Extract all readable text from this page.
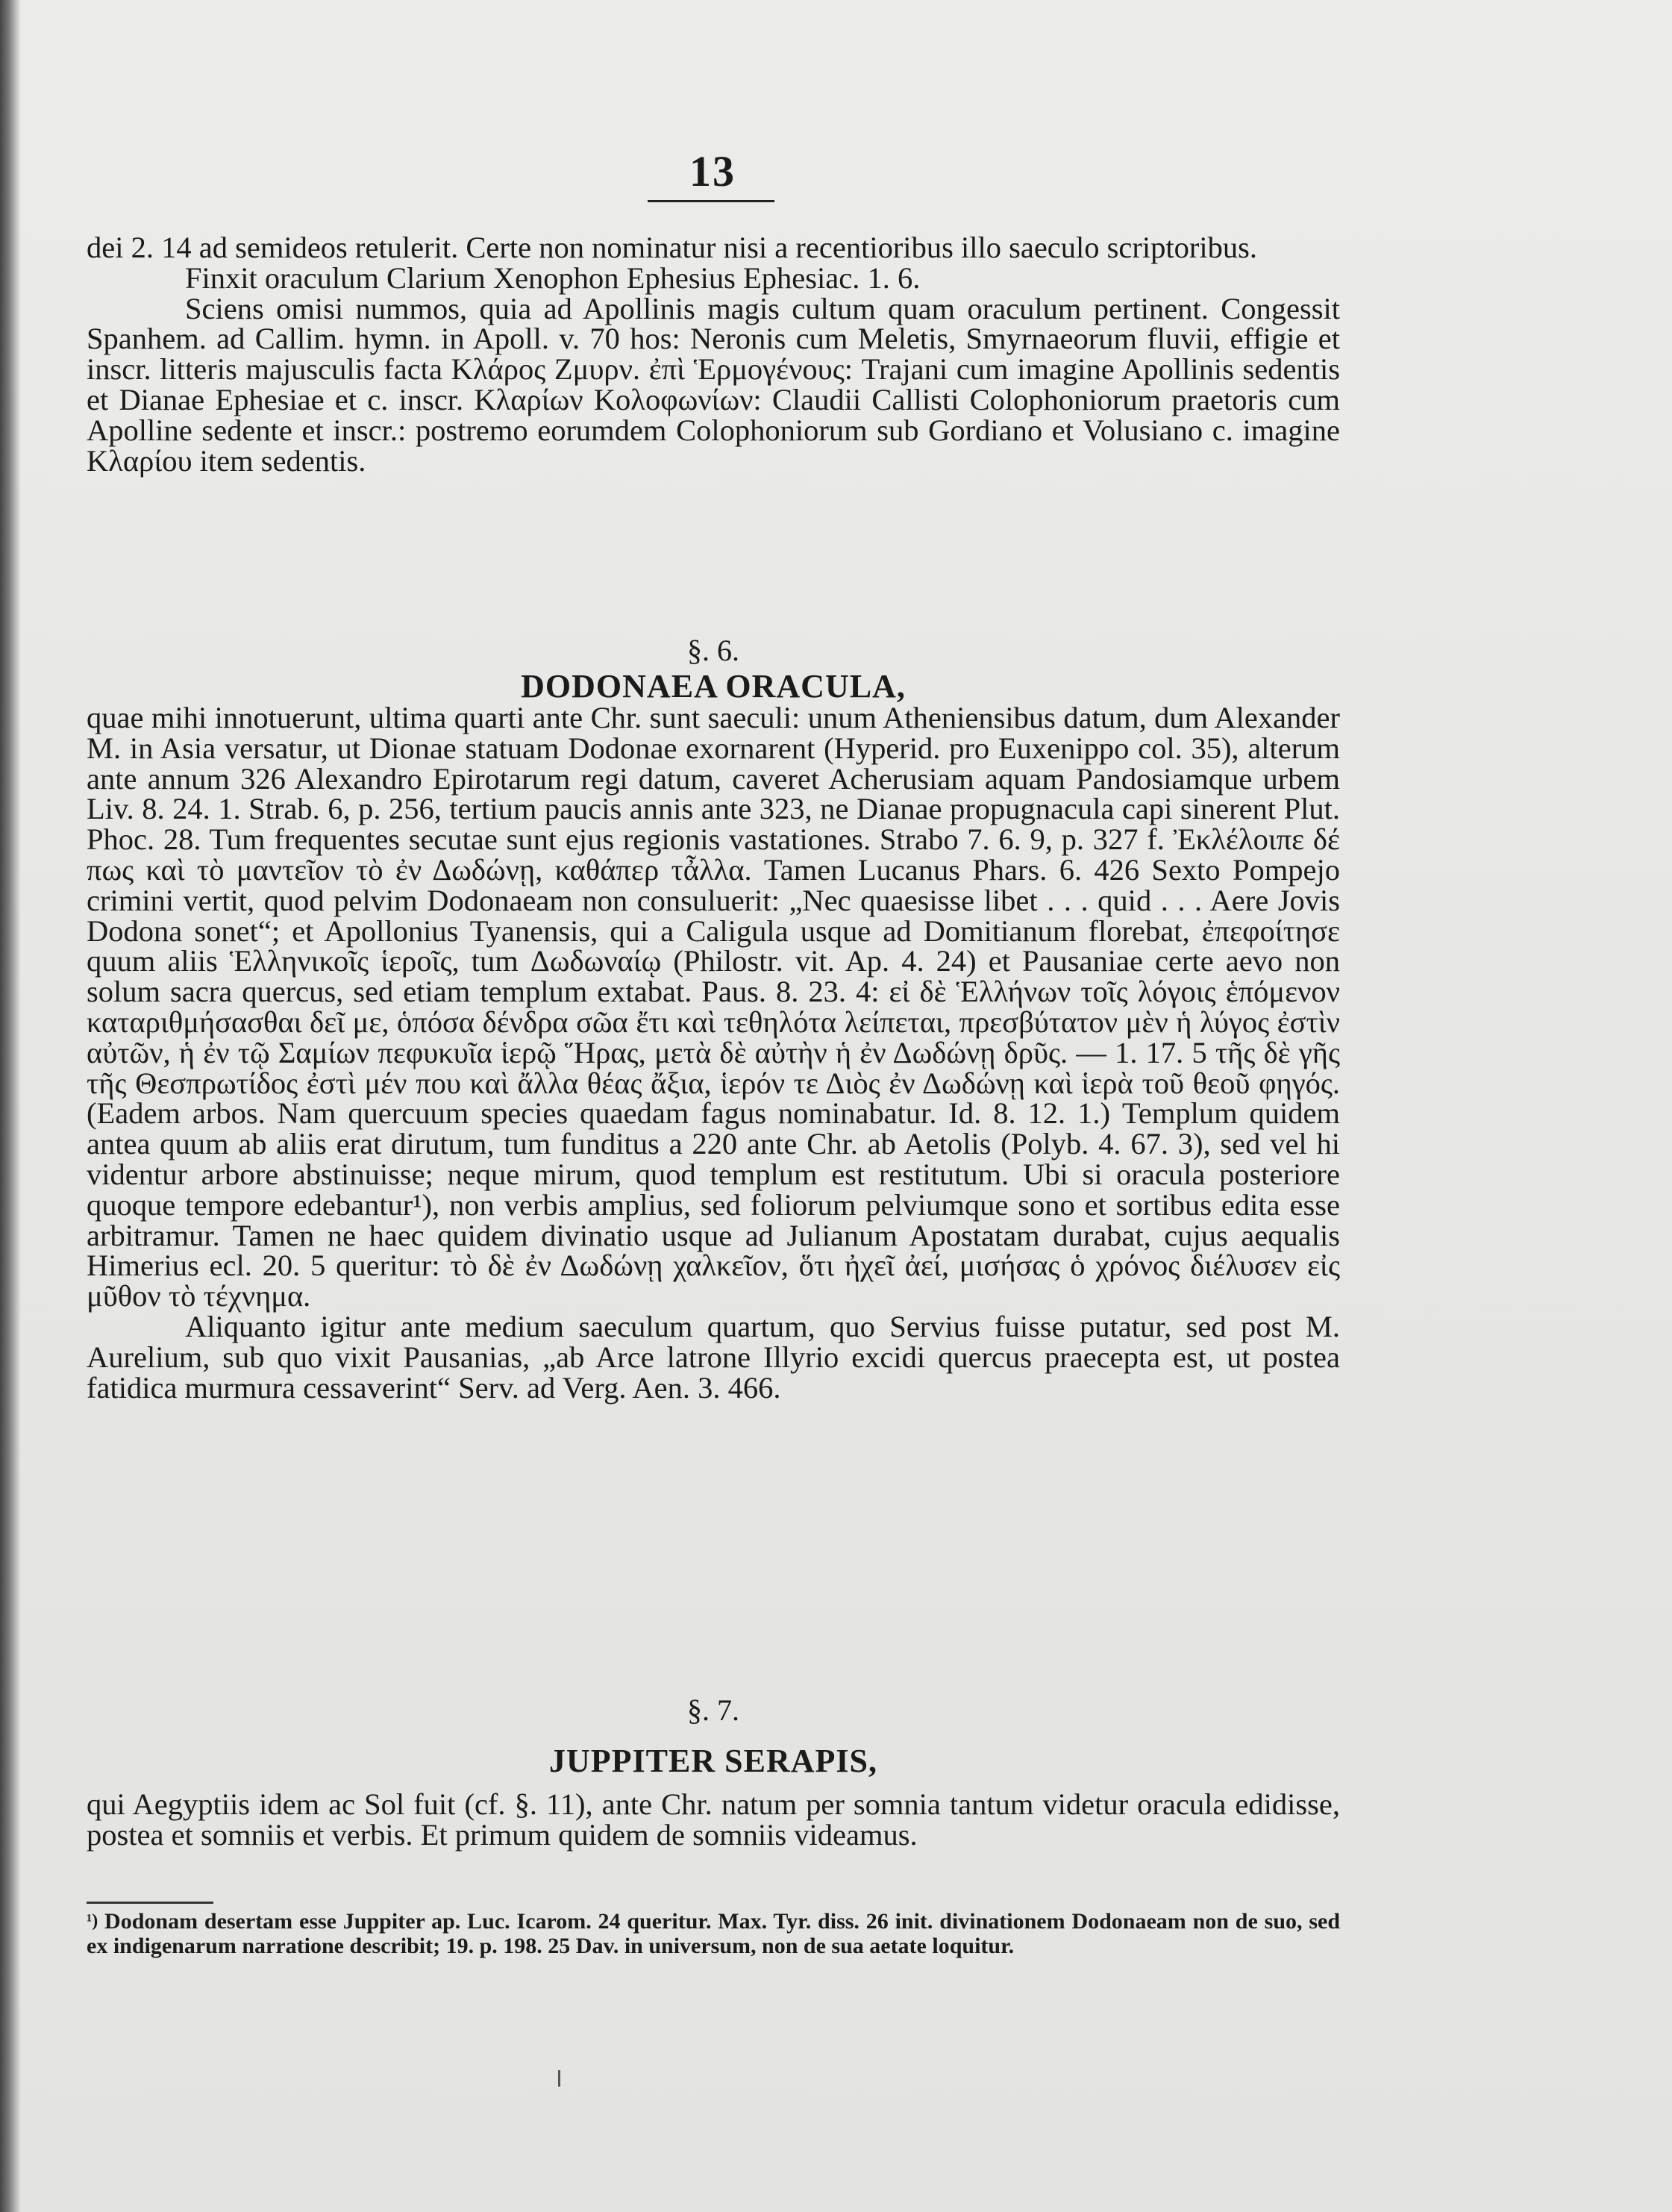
13

dei 2. 14 ad semideos retulerit. Certe non nominatur nisi a recentioribus illo saeculo scriptoribus.

Finxit oraculum Clarium Xenophon Ephesius Ephesiac. 1. 6.

Sciens omisi nummos, quia ad Apollinis magis cultum quam oraculum pertinent. Congessit Spanhem. ad Callim. hymn. in Apoll. v. 70 hos: Neronis cum Meletis, Smyrnaeorum fluvii, effigie et inscr. litteris majusculis facta Κλάρος Ζμυρν. ἐπὶ Ἑρμογένους: Trajani cum imagine Apollinis sedentis et Dianae Ephesiae et c. inscr. Κλαρίων Κολοφωνίων: Claudii Callisti Colophoniorum praetoris cum Apolline sedente et inscr.: postremo eorumdem Colophoniorum sub Gordiano et Volusiano c. imagine Κλαρίου item sedentis.

§. 6.
DODONAEA ORACULA,

quae mihi innotuerunt, ultima quarti ante Chr. sunt saeculi: unum Atheniensibus datum, dum Alexander M. in Asia versatur, ut Dionae statuam Dodonae exornarent (Hyperid. pro Euxenippo col. 35), alterum ante annum 326 Alexandro Epirotarum regi datum, caveret Acherusiam aquam Pandosiamque urbem Liv. 8. 24. 1. Strab. 6, p. 256, tertium paucis annis ante 323, ne Dianae propugnacula capi sinerent Plut. Phoc. 28. Tum frequentes secutae sunt ejus regionis vastationes. Strabo 7. 6. 9, p. 327 f. Ἐκλέλοιπε δέ πως καὶ τὸ μαντεῖον τὸ ἐν Δωδώνῃ, καθάπερ τἆλλα. Tamen Lucanus Phars. 6. 426 Sexto Pompejo crimini vertit, quod pelvim Dodonaeam non consuluerit: „Nec quaesisse libet . . . quid . . . Aere Jovis Dodona sonet“; et Apollonius Tyanensis, qui a Caligula usque ad Domitianum florebat, ἐπεφοίτησε quum aliis Ἑλληνικοῖς ἱεροῖς, tum Δωδωναίῳ (Philostr. vit. Ap. 4. 24) et Pausaniae certe aevo non solum sacra quercus, sed etiam templum extabat. Paus. 8. 23. 4: εἰ δὲ Ἑλλήνων τοῖς λόγοις ἑπόμενον καταριθμήσασθαι δεῖ με, ὁπόσα δένδρα σῶα ἔτι καὶ τεθηλότα λείπεται, πρεσβύτατον μὲν ἡ λύγος ἐστὶν αὐτῶν, ἡ ἐν τῷ Σαμίων πεφυκυῖα ἱερῷ Ἥρας, μετὰ δὲ αὐτὴν ἡ ἐν Δωδώνῃ δρῦς. — 1. 17. 5 τῆς δὲ γῆς τῆς Θεσπρωτίδος ἐστὶ μέν που καὶ ἄλλα θέας ἄξια, ἱερόν τε Διὸς ἐν Δωδώνῃ καὶ ἱερὰ τοῦ θεοῦ φηγός. (Eadem arbos. Nam quercuum species quaedam fagus nominabatur. Id. 8. 12. 1.) Templum quidem antea quum ab aliis erat dirutum, tum funditus a 220 ante Chr. ab Aetolis (Polyb. 4. 67. 3), sed vel hi videntur arbore abstinuisse; neque mirum, quod templum est restitutum. Ubi si oracula posteriore quoque tempore edebantur¹), non verbis amplius, sed foliorum pelviumque sono et sortibus edita esse arbitramur. Tamen ne haec quidem divinatio usque ad Julianum Apostatam durabat, cujus aequalis Himerius ecl. 20. 5 queritur: τὸ δὲ ἐν Δωδώνῃ χαλκεῖον, ὅτι ἠχεῖ ἀεί, μισήσας ὁ χρόνος διέλυσεν εἰς μῦθον τὸ τέχνημα.

Aliquanto igitur ante medium saeculum quartum, quo Servius fuisse putatur, sed post M. Aurelium, sub quo vixit Pausanias, „ab Arce latrone Illyrio excidi quercus praecepta est, ut postea fatidica murmura cessaverint“ Serv. ad Verg. Aen. 3. 466.

§. 7.
JUPPITER SERAPIS,

qui Aegyptiis idem ac Sol fuit (cf. §. 11), ante Chr. natum per somnia tantum videtur oracula edidisse, postea et somniis et verbis. Et primum quidem de somniis videamus.

$^{^1)}$ Dodonam desertam esse Juppiter ap. Luc. Icarom. 24 queritur. Max. Tyr. diss. 26 init. divinationem Dodonaeam non de suo, sed ex indigenarum narratione describit; 19. p. 198. 25 Dav. in universum, non de sua aetate loquitur.
